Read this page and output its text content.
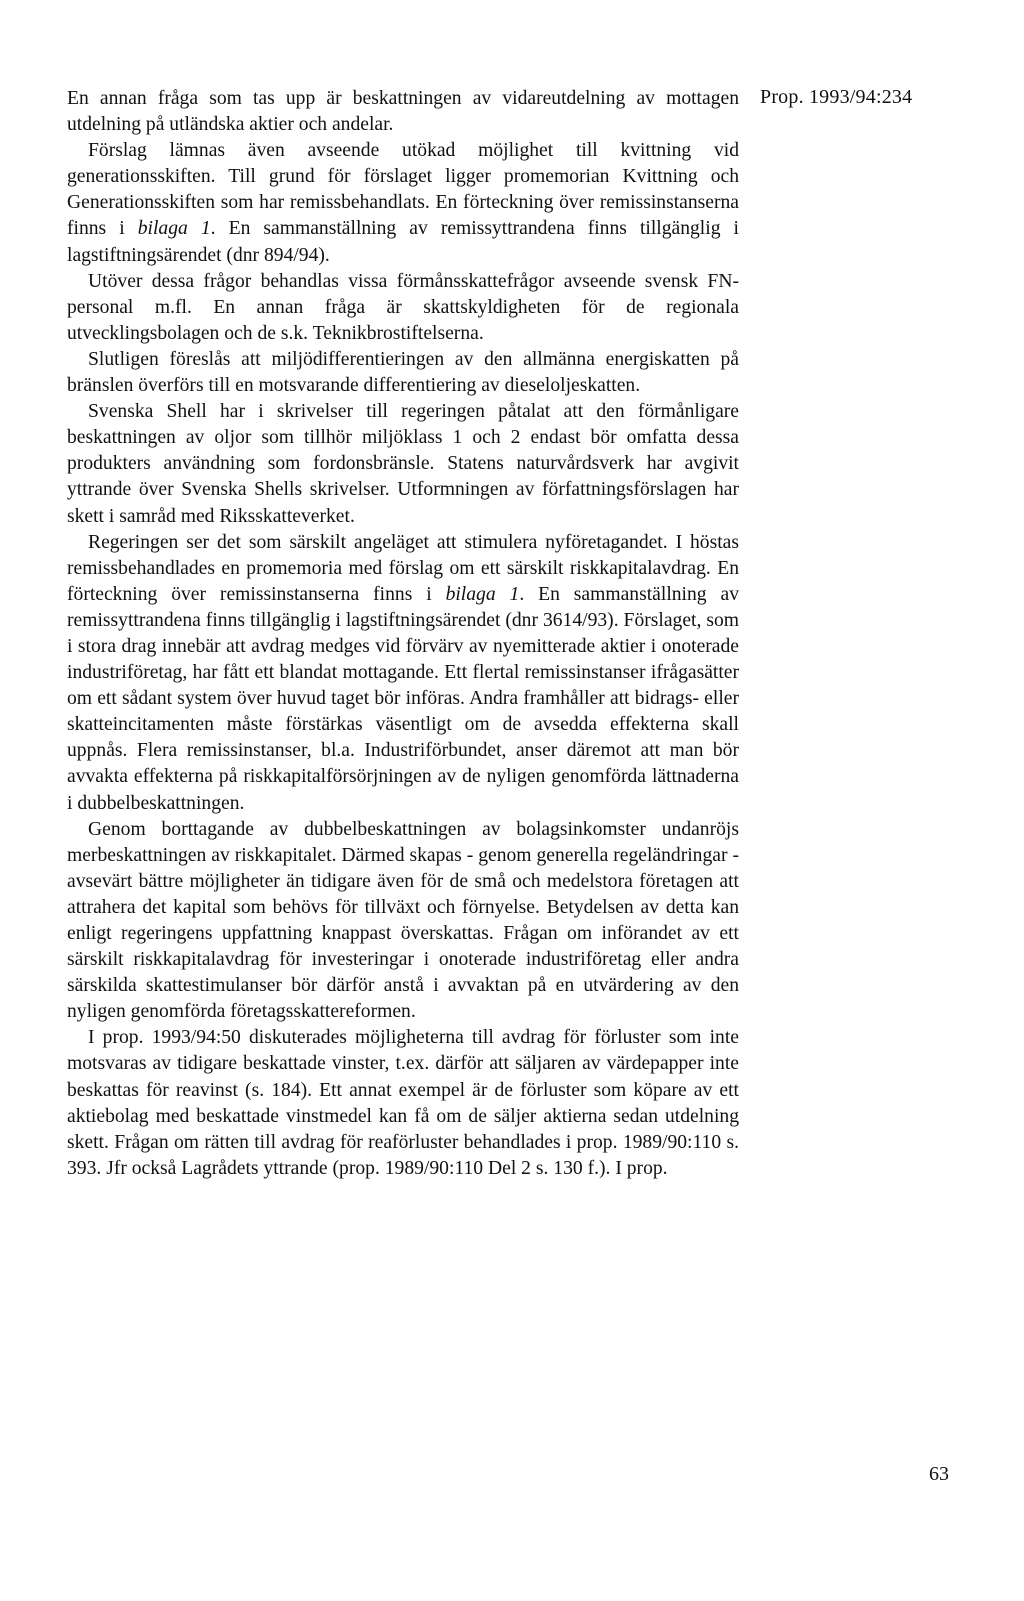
Prop. 1993/94:234

En annan fråga som tas upp är beskattningen av vidareutdelning av mottagen utdelning på utländska aktier och andelar.

Förslag lämnas även avseende utökad möjlighet till kvittning vid generationsskiften. Till grund för förslaget ligger promemorian Kvittning och Generationsskiften som har remissbehandlats. En förteckning över remissinstanserna finns i bilaga 1. En sammanställning av remissyttrandena finns tillgänglig i lagstiftningsärendet (dnr 894/94).

Utöver dessa frågor behandlas vissa förmånsskattefrågor avseende svensk FN-personal m.fl. En annan fråga är skattskyldigheten för de regionala utvecklingsbolagen och de s.k. Teknikbrostiftelserna.

Slutligen föreslås att miljödifferentieringen av den allmänna energiskatten på bränslen överförs till en motsvarande differentiering av dieseloljeskatten.

Svenska Shell har i skrivelser till regeringen påtalat att den förmånligare beskattningen av oljor som tillhör miljöklass 1 och 2 endast bör omfatta dessa produkters användning som fordonsbränsle. Statens naturvårdsverk har avgivit yttrande över Svenska Shells skrivelser. Utformningen av författningsförslagen har skett i samråd med Riksskatteverket.

Regeringen ser det som särskilt angeläget att stimulera nyföretagandet. I höstas remissbehandlades en promemoria med förslag om ett särskilt riskkapitalavdrag. En förteckning över remissinstanserna finns i bilaga 1. En sammanställning av remissyttrandena finns tillgänglig i lagstiftningsärendet (dnr 3614/93). Förslaget, som i stora drag innebär att avdrag medges vid förvärv av nyemitterade aktier i onoterade industriföretag, har fått ett blandat mottagande. Ett flertal remissinstanser ifrågasätter om ett sådant system över huvud taget bör införas. Andra framhåller att bidrags- eller skatteincitamenten måste förstärkas väsentligt om de avsedda effekterna skall uppnås. Flera remissinstanser, bl.a. Industriförbundet, anser däremot att man bör avvakta effekterna på riskkapitalförsörjningen av de nyligen genomförda lättnaderna i dubbelbeskattningen.

Genom borttagande av dubbelbeskattningen av bolagsinkomster undanröjs merbeskattningen av riskkapitalet. Därmed skapas - genom generella regeländringar - avsevärt bättre möjligheter än tidigare även för de små och medelstora företagen att attrahera det kapital som behövs för tillväxt och förnyelse. Betydelsen av detta kan enligt regeringens uppfattning knappast överskattas. Frågan om införandet av ett särskilt riskkapitalavdrag för investeringar i onoterade industriföretag eller andra särskilda skattestimulanser bör därför anstå i avvaktan på en utvärdering av den nyligen genomförda företagsskattereformen.

I prop. 1993/94:50 diskuterades möjligheterna till avdrag för förluster som inte motsvaras av tidigare beskattade vinster, t.ex. därför att säljaren av värdepapper inte beskattas för reavinst (s. 184). Ett annat exempel är de förluster som köpare av ett aktiebolag med beskattade vinstmedel kan få om de säljer aktierna sedan utdelning skett. Frågan om rätten till avdrag för reaförluster behandlades i prop. 1989/90:110 s. 393. Jfr också Lagrådets yttrande (prop. 1989/90:110 Del 2 s. 130 f.). I prop.

63
